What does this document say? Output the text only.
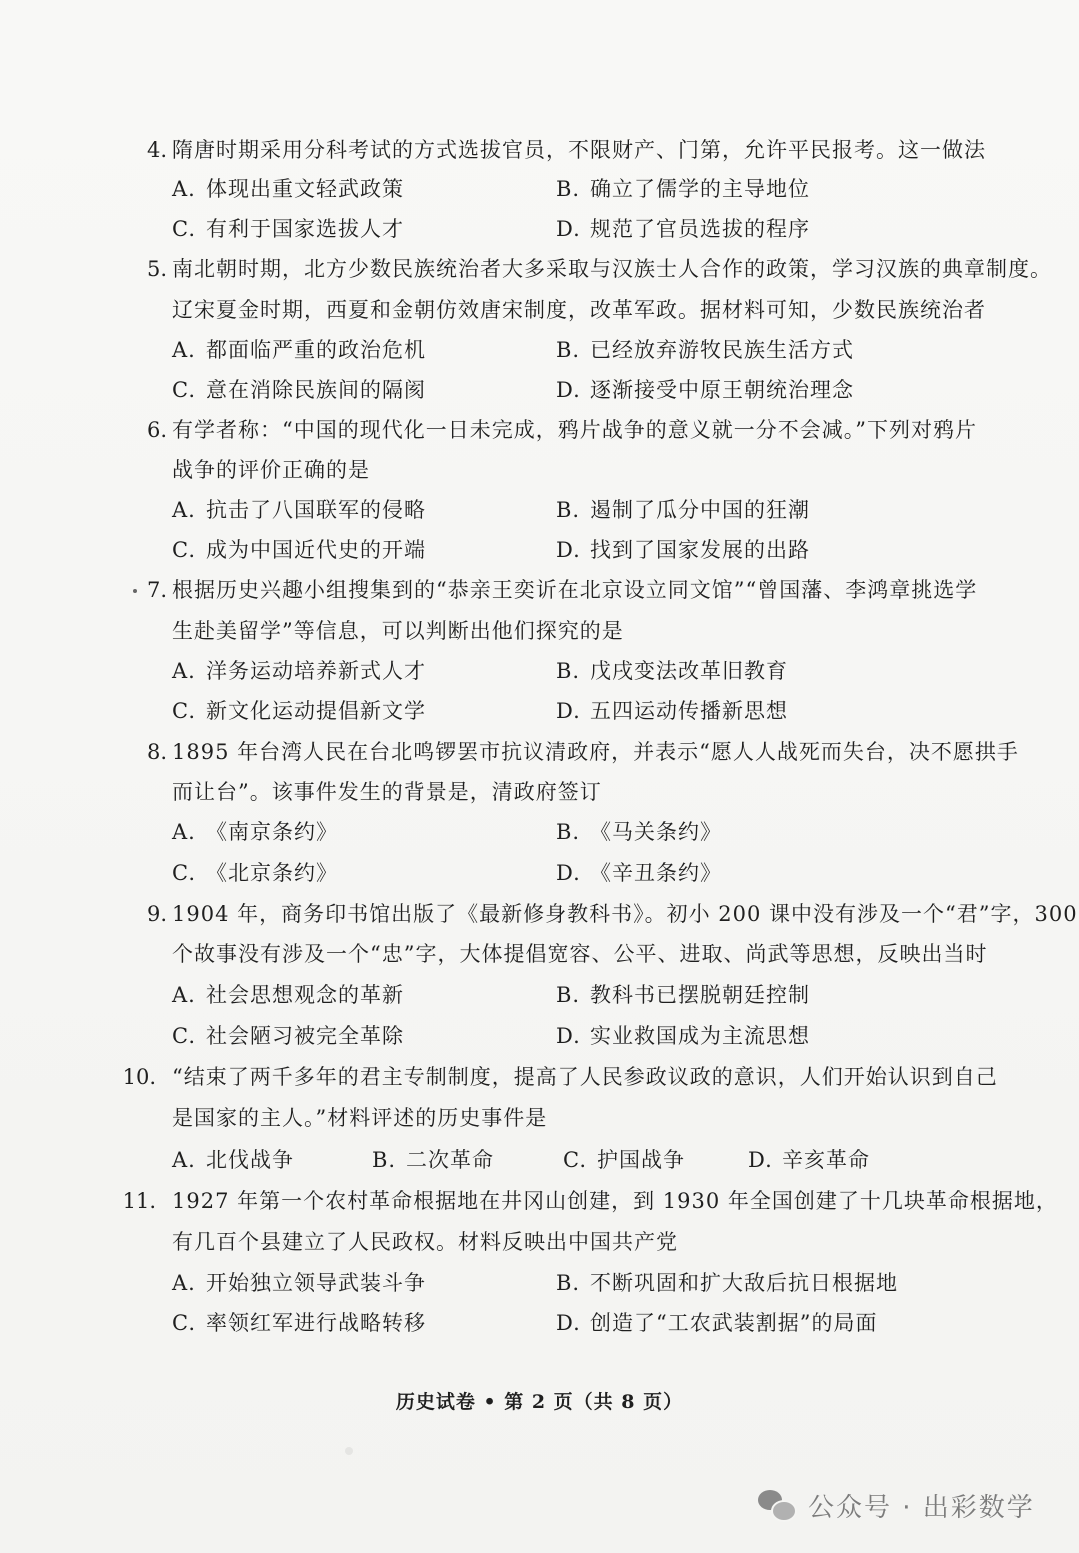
4. 隋唐时期采用分科考试的方式选拔官员，不限财产、门第，允许平民报考。这一做法
A. 体现出重文轻武政策	B. 确立了儒学的主导地位
C. 有利于国家选拔人才	D. 规范了官员选拔的程序
5. 南北朝时期，北方少数民族统治者大多采取与汉族士人合作的政策，学习汉族的典章制度。
辽宋夏金时期，西夏和金朝仿效唐宋制度，改革军政。据材料可知，少数民族统治者
A. 都面临严重的政治危机	B. 已经放弃游牧民族生活方式
C. 意在消除民族间的隔阂	D. 逐渐接受中原王朝统治理念
6. 有学者称：“中国的现代化一日未完成，鸦片战争的意义就一分不会减。”下列对鸦片
战争的评价正确的是
A. 抗击了八国联军的侵略	B. 遏制了瓜分中国的狂潮
C. 成为中国近代史的开端	D. 找到了国家发展的出路
7. 根据历史兴趣小组搜集到的“恭亲王奕䜣在北京设立同文馆”“曾国藩、李鸿章挑选学
生赴美留学”等信息，可以判断出他们探究的是
A. 洋务运动培养新式人才	B. 戊戌变法改革旧教育
C. 新文化运动提倡新文学	D. 五四运动传播新思想
8. 1895 年台湾人民在台北鸣锣罢市抗议清政府，并表示“愿人人战死而失台，决不愿拱手
而让台”。该事件发生的背景是，清政府签订
A. 《南京条约》	B. 《马关条约》
C. 《北京条约》	D. 《辛丑条约》
9. 1904 年，商务印书馆出版了《最新修身教科书》。初小 200 课中没有涉及一个“君”字，300
个故事没有涉及一个“忠”字，大体提倡宽容、公平、进取、尚武等思想，反映出当时
A. 社会思想观念的革新	B. 教科书已摆脱朝廷控制
C. 社会陋习被完全革除	D. 实业救国成为主流思想
10. “结束了两千多年的君主专制制度，提高了人民参政议政的意识，人们开始认识到自己
是国家的主人。”材料评述的历史事件是
A. 北伐战争	B. 二次革命	C. 护国战争	D. 辛亥革命
11. 1927 年第一个农村革命根据地在井冈山创建，到 1930 年全国创建了十几块革命根据地，
有几百个县建立了人民政权。材料反映出中国共产党
A. 开始独立领导武装斗争	B. 不断巩固和扩大敌后抗日根据地
C. 率领红军进行战略转移	D. 创造了“工农武装割据”的局面
历史试卷 • 第 2 页（共 8 页）
公众号 · 出彩数学
